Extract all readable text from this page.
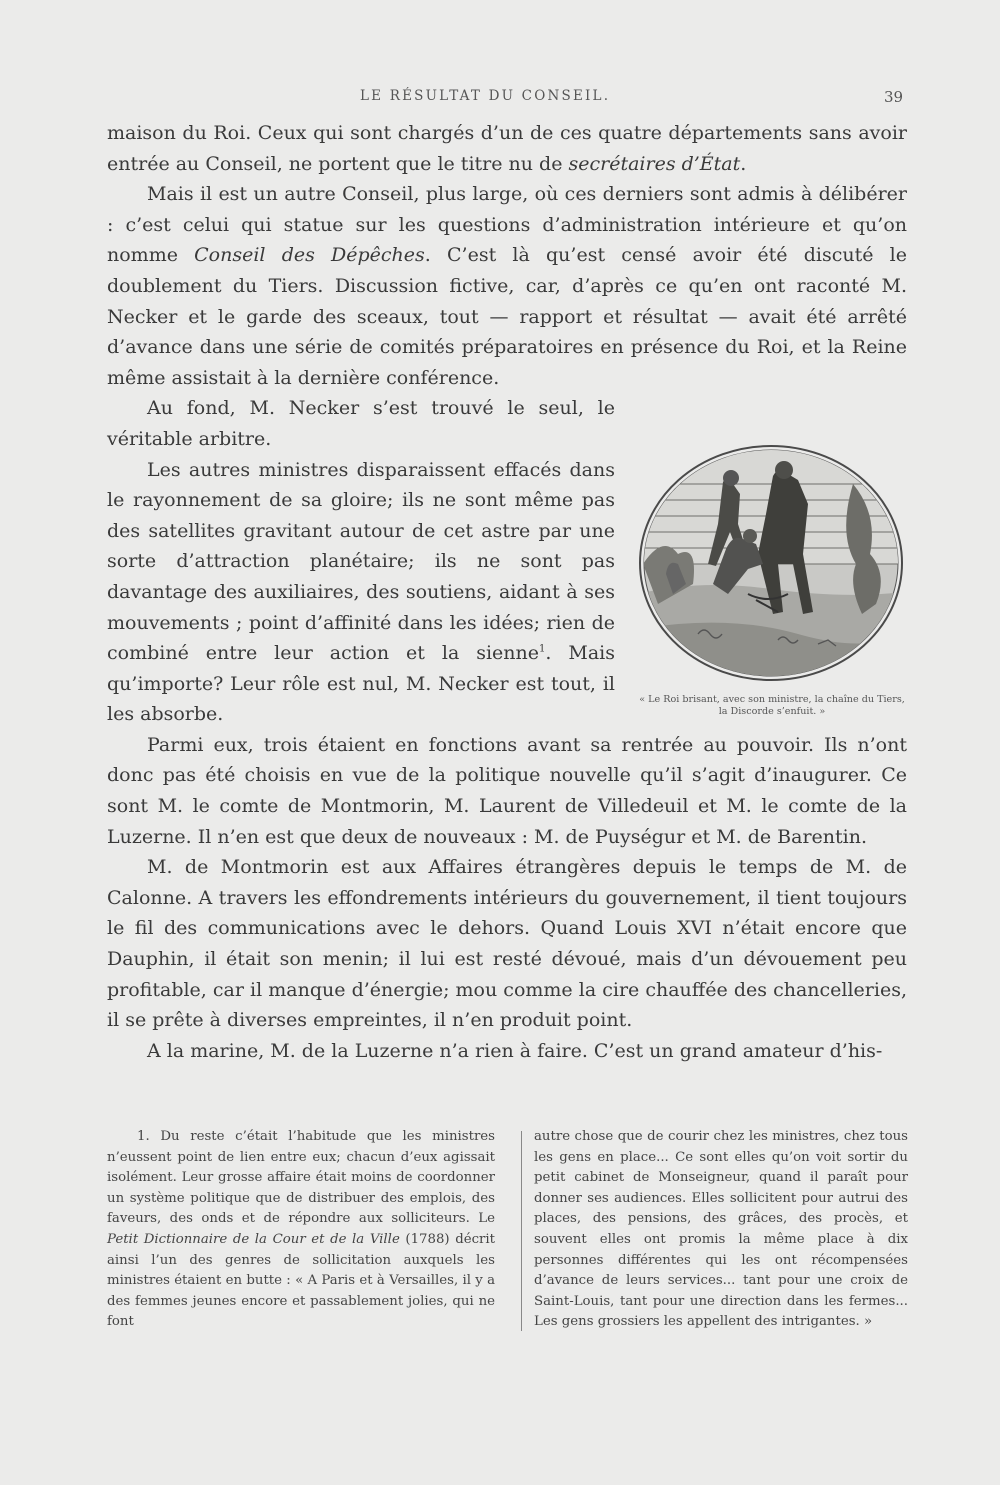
LE RÉSULTAT DU CONSEIL.	39

maison du Roi. Ceux qui sont chargés d’un de ces quatre départements sans avoir entrée au Conseil, ne portent que le titre nu de secrétaires d’État.

Mais il est un autre Conseil, plus large, où ces derniers sont admis à délibérer : c’est celui qui statue sur les questions d’administration intérieure et qu’on nomme Conseil des Dépêches. C’est là qu’est censé avoir été discuté le doublement du Tiers. Discussion fictive, car, d’après ce qu’en ont raconté M. Necker et le garde des sceaux, tout — rapport et résultat — avait été arrêté d’avance dans une série de comités préparatoires en présence du Roi, et la Reine même assistait à la dernière conférence.

Au fond, M. Necker s’est trouvé le seul, le véritable arbitre.

Les autres ministres disparaissent effacés dans le rayonnement de sa gloire; ils ne sont même pas des satellites gravitant autour de cet astre par une sorte d’attraction planétaire; ils ne sont pas davantage des auxiliaires, des soutiens, aidant à ses mouvements ; point d’affinité dans les idées; rien de combiné entre leur action et la sienne$^1$. Mais qu’importe? Leur rôle est nul, M. Necker est tout, il les absorbe.

Parmi eux, trois étaient en fonctions avant sa rentrée au pouvoir. Ils n’ont donc pas été choisis en vue de la politique nouvelle qu’il s’agit d’inaugurer. Ce sont M. le comte de Montmorin, M. Laurent de Villedeuil et M. le comte de la Luzerne. Il n’en est que deux de nouveaux : M. de Puységur et M. de Barentin.

M. de Montmorin est aux Affaires étrangères depuis le temps de M. de Calonne. A travers les effondrements intérieurs du gouvernement, il tient toujours le fil des communications avec le dehors. Quand Louis XVI n’était encore que Dauphin, il était son menin; il lui est resté dévoué, mais d’un dévouement peu profitable, car il manque d’énergie; mou comme la cire chauffée des chancelleries, il se prête à diverses empreintes, il n’en produit point.

A la marine, M. de la Luzerne n’a rien à faire. C’est un grand amateur d’his-

« Le Roi brisant, avec son ministre, la chaîne du Tiers, la Discorde s’enfuit. »

1. Du reste c’était l’habitude que les ministres n’eussent point de lien entre eux; chacun d’eux agissait isolément. Leur grosse affaire était moins de coordonner un système politique que de distribuer des emplois, des faveurs, des onds et de répondre aux solliciteurs. Le Petit Dictionnaire de la Cour et de la Ville (1788) décrit ainsi l’un des genres de sollicitation auxquels les ministres étaient en butte : « A Paris et à Versailles, il y a des femmes jeunes encore et passablement jolies, qui ne font

autre chose que de courir chez les ministres, chez tous les gens en place... Ce sont elles qu’on voit sortir du petit cabinet de Monseigneur, quand il paraît pour donner ses audiences. Elles sollicitent pour autrui des places, des pensions, des grâces, des procès, et souvent elles ont promis la même place à dix personnes différentes qui les ont récompensées d’avance de leurs services... tant pour une croix de Saint-Louis, tant pour une direction dans les fermes... Les gens grossiers les appellent des intrigantes. »
